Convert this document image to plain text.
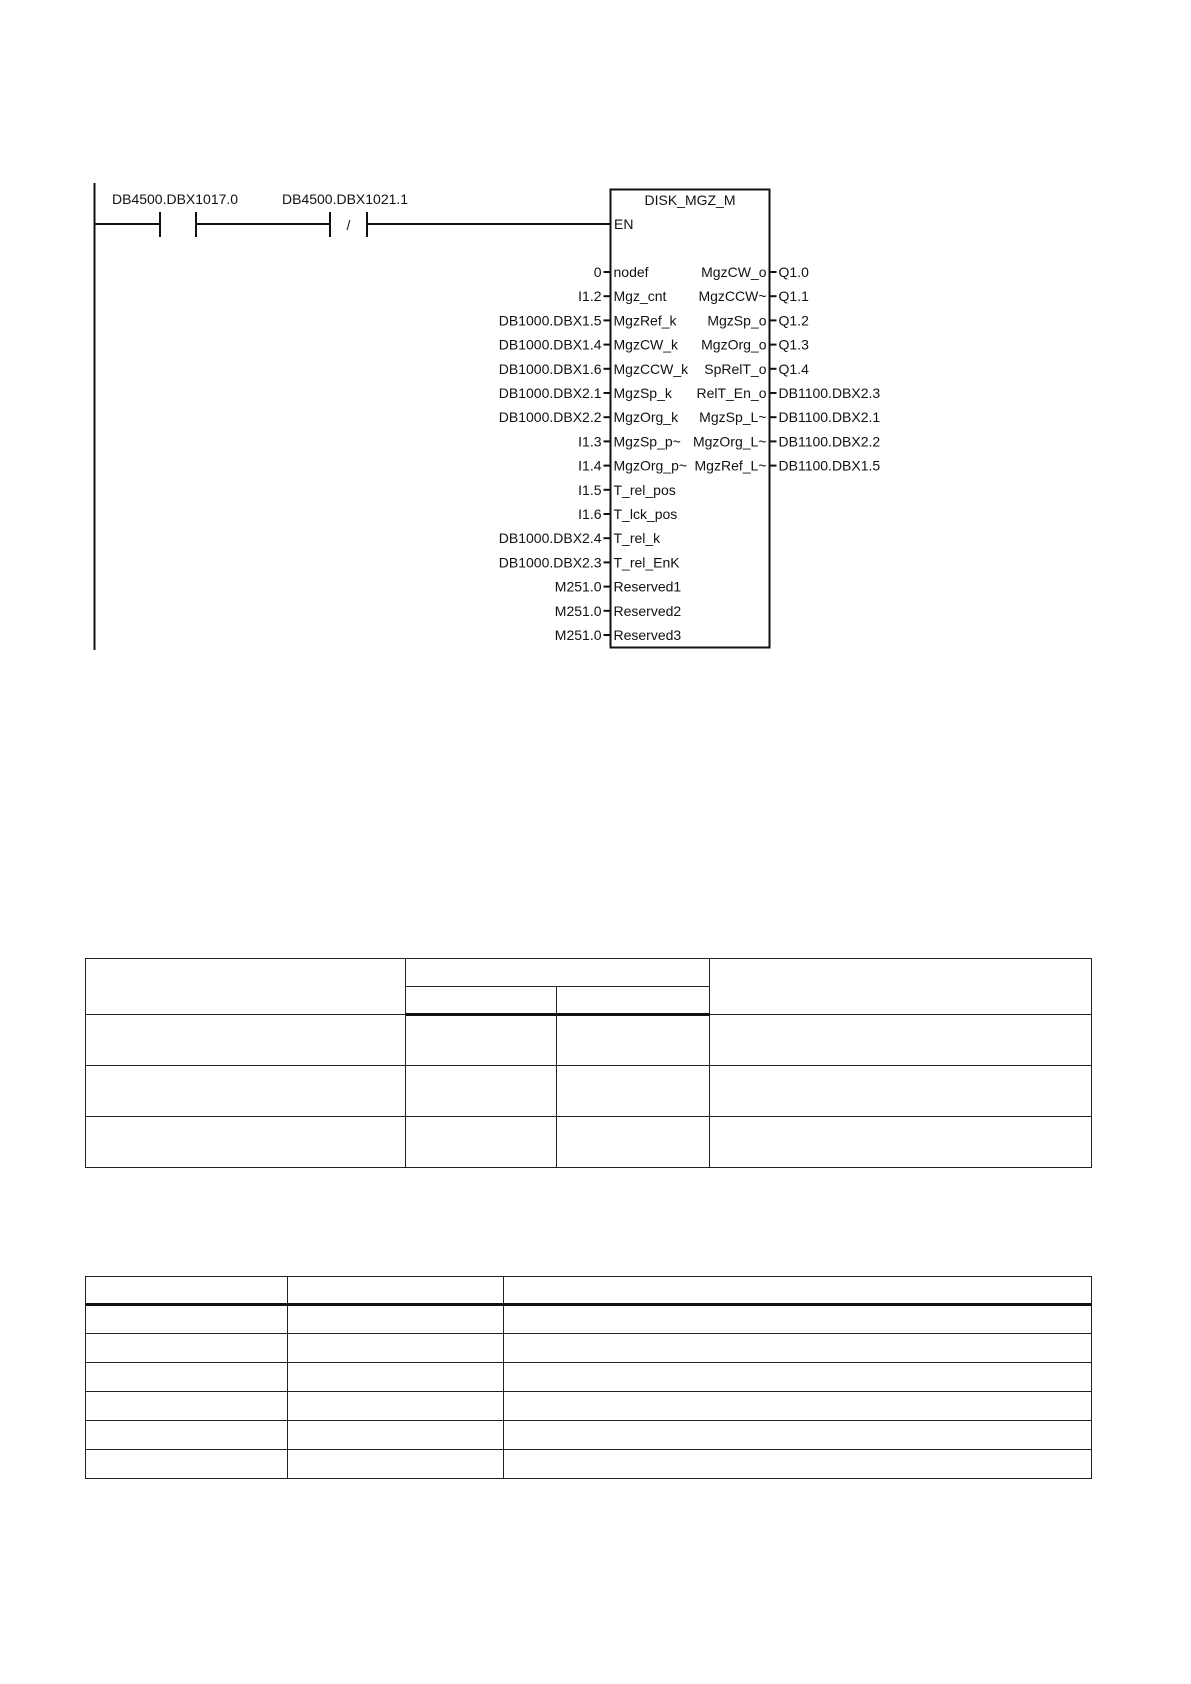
DB4500.DBX1017.0
/
DB4500.DBX1021.1	DISK_MGZ_M
EN
0 nodef
I1.2 Mgz_cnt
DB1000.DBX1.5 MgzRef_k
DB1000.DBX1.4 MgzCW_k
DB1000.DBX1.6 MgzCCW_k
DB1000.DBX2.1 MgzSp_k
DB1000.DBX2.2 MgzOrg_k
I1.3 MgzSp_p~
I1.4 MgzOrg_p~
I1.5 T_rel_pos
I1.6 T_lck_pos
DB1000.DBX2.4 T_rel_k
DB1000.DBX2.3 T_rel_EnK
M251.0 Reserved1
M251.0 Reserved2
M251.0 Reserved3
MgzCW_o Q1.0
MgzCCW~ Q1.1
MgzSp_o Q1.2
MgzOrg_o Q1.3
SpRelT_o Q1.4
RelT_En_o DB1100.DBX2.3
MgzSp_L~ DB1100.DBX2.1
MgzOrg_L~ DB1100.DBX2.2
MgzRef_L~ DB1100.DBX1.5
